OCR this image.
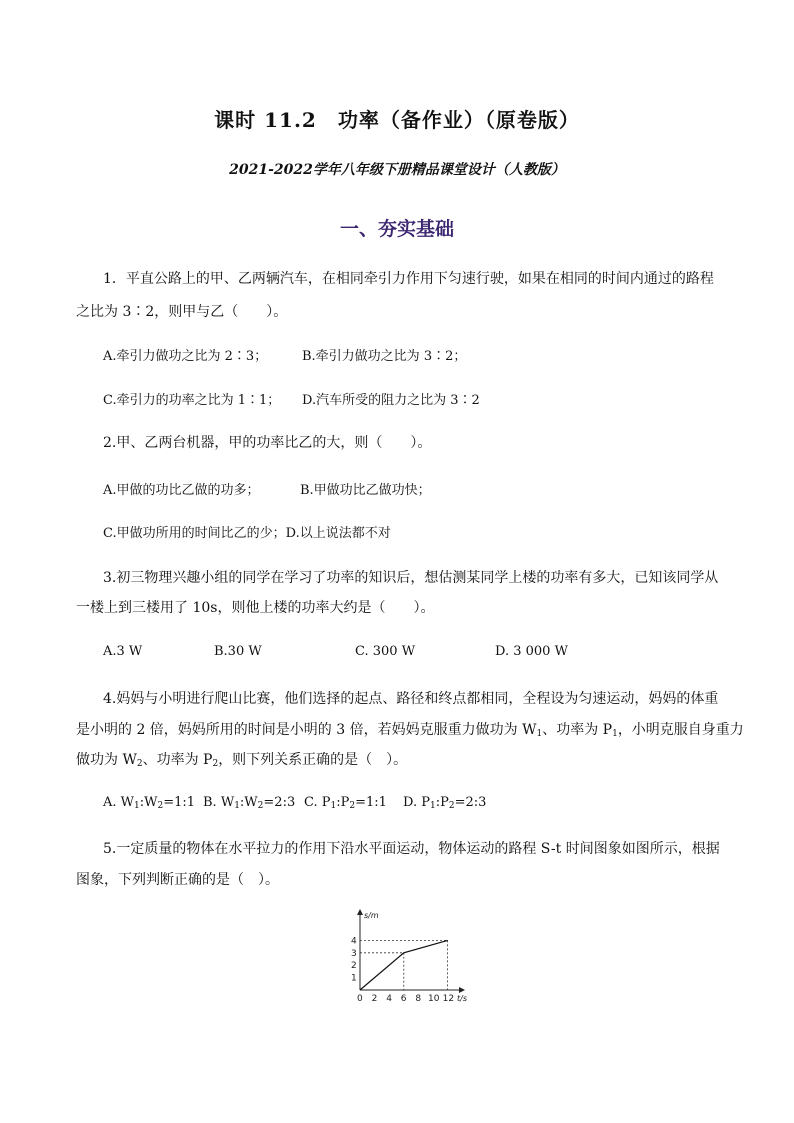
课时 11.2　功率（备作业）（原卷版）
2021-2022学年八年级下册精品课堂设计（人教版）
一、夯实基础
1．平直公路上的甲、乙两辆汽车，在相同牵引力作用下匀速行驶，如果在相同的时间内通过的路程
之比为 3∶2，则甲与乙（　　）。
A.牵引力做功之比为 2∶3；	B.牵引力做功之比为 3∶2；
C.牵引力的功率之比为 1∶1； D.汽车所受的阻力之比为 3∶2
2.甲、乙两台机器，甲的功率比乙的大，则（　　）。
A.甲做的功比乙做的功多；	B.甲做功比乙做功快；
C.甲做功所用的时间比乙的少；D.以上说法都不对
3.初三物理兴趣小组的同学在学习了功率的知识后，想估测某同学上楼的功率有多大，已知该同学从
一楼上到三楼用了 10s，则他上楼的功率大约是（　　）。
A.3 W	B.30 W	C. 300 W	D. 3 000 W
4.妈妈与小明进行爬山比赛，他们选择的起点、路径和终点都相同，全程设为匀速运动，妈妈的体重
是小明的 2 倍，妈妈所用的时间是小明的 3 倍，若妈妈克服重力做功为 $W_1$、功率为 $P_1$，小明克服自身重力
做功为 $W_2$、功率为 $P_2$，则下列关系正确的是（　）。
A. $W_1:W_2=1:1$ B. $W_1:W_2=2:3$ C. $P_1:P_2=1:1$ D. $P_1:P_2=2:3$
5.一定质量的物体在水平拉力的作用下沿水平面运动，物体运动的路程 S-t 时间图象如图所示，根据
图象，下列判断正确的是（　）。
s/m
t/s
1
2
3
4
0 2 4 6 8 10 12
